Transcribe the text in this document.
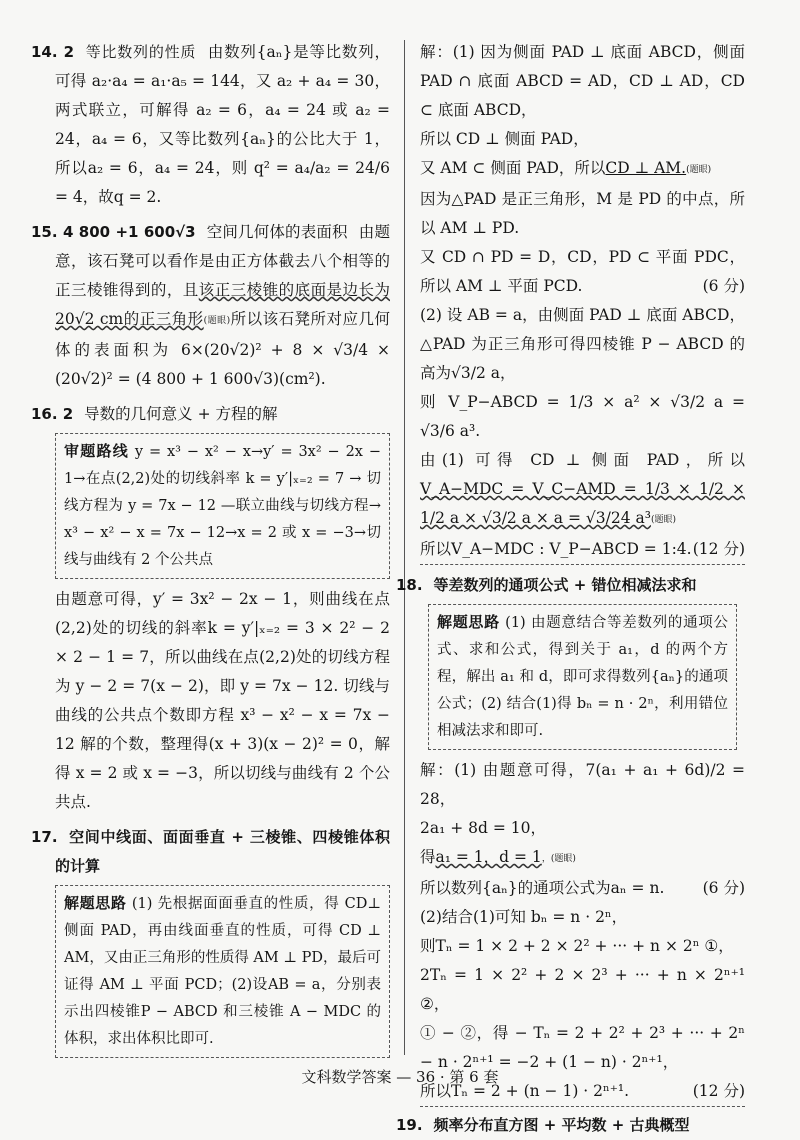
14. 2 等比数列的性质 由数列{aₙ}是等比数列，可得 a₂·a₄ = a₁·a₅ = 144，又 a₂ + a₄ = 30，两式联立，可解得 a₂ = 6，a₄ = 24 或 a₂ = 24，a₄ = 6，又等比数列{aₙ}的公比大于 1，所以a₂ = 6，a₄ = 24，则 q² = a₄/a₂ = 24/6 = 4，故q = 2.

15. 4 800 +1 600√3 空间几何体的表面积 由题意，该石凳可以看作是由正方体截去八个相等的正三棱锥得到的，且该正三棱锥的底面是边长为20√2 cm的正三角形(题眼)所以该石凳所对应几何体的表面积为 6×(20√2)² + 8 × √3/4 × (20√2)² = (4 800 + 1 600√3)(cm²).

16. 2 导数的几何意义 + 方程的解

审题路线 y = x³ − x² − x→y′ = 3x² − 2x − 1→在点(2,2)处的切线斜率 k = y′|ₓ₌₂ = 7 → 切线方程为 y = 7x − 12 —联立曲线与切线方程→ x³ − x² − x = 7x − 12→x = 2 或 x = −3→切线与曲线有 2 个公共点

由题意可得，y′ = 3x² − 2x − 1，则曲线在点(2,2)处的切线的斜率k = y′|ₓ₌₂ = 3 × 2² − 2 × 2 − 1 = 7，所以曲线在点(2,2)处的切线方程为 y − 2 = 7(x − 2)，即 y = 7x − 12. 切线与曲线的公共点个数即方程 x³ − x² − x = 7x − 12 解的个数，整理得(x + 3)(x − 2)² = 0，解得 x = 2 或 x = −3，所以切线与曲线有 2 个公共点.

17. 空间中线面、面面垂直 + 三棱锥、四棱锥体积的计算

解题思路 (1) 先根据面面垂直的性质，得 CD⊥侧面 PAD，再由线面垂直的性质，可得 CD ⊥ AM，又由正三角形的性质得 AM ⊥ PD，最后可证得 AM ⊥ 平面 PCD；(2)设AB = a，分别表示出四棱锥P − ABCD 和三棱锥 A − MDC 的体积，求出体积比即可.

解：(1) 因为侧面 PAD ⊥ 底面 ABCD，侧面 PAD ∩ 底面 ABCD = AD，CD ⊥ AD，CD ⊂ 底面 ABCD，

所以 CD ⊥ 侧面 PAD，

又 AM ⊂ 侧面 PAD，所以CD ⊥ AM.(题眼)

因为△PAD 是正三角形，M 是 PD 的中点，所以 AM ⊥ PD.

又 CD ∩ PD = D，CD，PD ⊂ 平面 PDC，所以 AM ⊥ 平面 PCD.	(6 分)

(2) 设 AB = a，由侧面 PAD ⊥ 底面 ABCD，△PAD 为正三角形可得四棱锥 P − ABCD 的高为√3/2 a，

则 V_P−ABCD = 1/3 × a² × √3/2 a = √3/6 a³.

由(1) 可得 CD ⊥ 侧面 PAD，所以V_A−MDC = V_C−AMD = 1/3 × 1/2 × 1/2 a × √3/2 a × a = √3/24 a³(题眼)

所以V_A−MDC : V_P−ABCD = 1:4. (12 分)

18. 等差数列的通项公式 + 错位相减法求和

解题思路 (1) 由题意结合等差数列的通项公式、求和公式，得到关于 a₁，d 的两个方程，解出 a₁ 和 d，即可求得数列{aₙ}的通项公式；(2) 结合(1)得 bₙ = n · 2ⁿ，利用错位相减法求和即可.

解：(1) 由题意可得，7(a₁ + a₁ + 6d)/2 = 28，

2a₁ + 8d = 10，

得a₁ = 1，d = 1，(题眼)

所以数列{aₙ}的通项公式为aₙ = n. (6 分)

(2)结合(1)可知 bₙ = n · 2ⁿ，

则Tₙ = 1 × 2 + 2 × 2² + ··· + n × 2ⁿ ①，

2Tₙ = 1 × 2² + 2 × 2³ + ··· + n × 2ⁿ⁺¹ ②，

① − ②，得 − Tₙ = 2 + 2² + 2³ + ··· + 2ⁿ − n · 2ⁿ⁺¹ = −2 + (1 − n) · 2ⁿ⁺¹，

所以Tₙ = 2 + (n − 1) · 2ⁿ⁺¹.	(12 分)

19. 频率分布直方图 + 平均数 + 古典概型

文科数学答案 — 36 · 第 6 套
